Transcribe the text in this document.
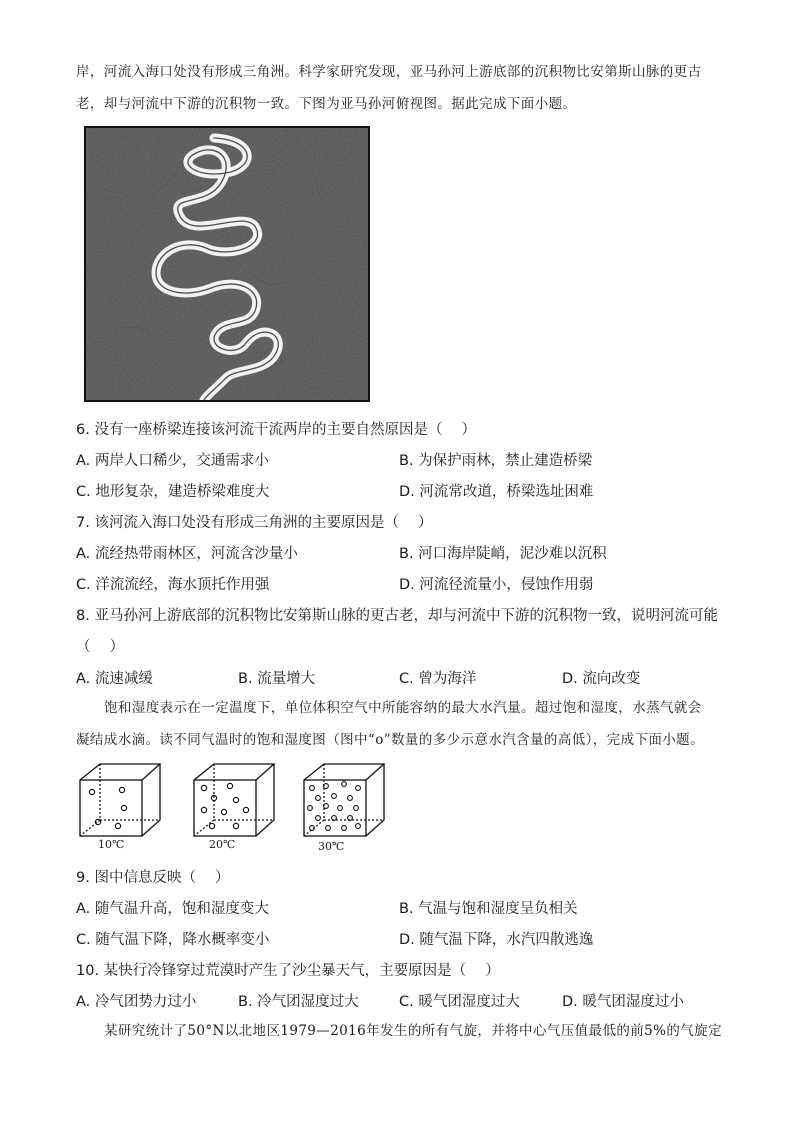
岸，河流入海口处没有形成三角洲。科学家研究发现，亚马孙河上游底部的沉积物比安第斯山脉的更古
老，却与河流中下游的沉积物一致。下图为亚马孙河俯视图。据此完成下面小题。
6. 没有一座桥梁连接该河流干流两岸的主要自然原因是（　 ）
A. 两岸人口稀少，交通需求小	B. 为保护雨林，禁止建造桥梁
C. 地形复杂，建造桥梁难度大	D. 河流常改道，桥梁选址困难
7. 该河流入海口处没有形成三角洲的主要原因是（　 ）
A. 流经热带雨林区，河流含沙量小	B. 河口海岸陡峭，泥沙难以沉积
C. 洋流流经，海水顶托作用强	D. 河流径流量小，侵蚀作用弱
8. 亚马孙河上游底部的沉积物比安第斯山脉的更古老，却与河流中下游的沉积物一致，说明河流可能
（　 ）
A. 流速减缓	B. 流量增大	C. 曾为海洋	D. 流向改变
饱和湿度表示在一定温度下，单位体积空气中所能容纳的最大水汽量。超过饱和湿度，水蒸气就会
凝结成水滴。读不同气温时的饱和湿度图（图中“o”数量的多少示意水汽含量的高低），完成下面小题。
10℃	20℃	30℃
9. 图中信息反映（　 ）
A. 随气温升高，饱和湿度变大	B. 气温与饱和湿度呈负相关
C. 随气温下降，降水概率变小	D. 随气温下降，水汽四散逃逸
10. 某快行冷锋穿过荒漠时产生了沙尘暴天气，主要原因是（　 ）
A. 冷气团势力过小	B. 冷气团湿度过大	C. 暖气团湿度过大	D. 暖气团湿度过小
某研究统计了50°N以北地区1979—2016年发生的所有气旋，并将中心气压值最低的前5%的气旋定
